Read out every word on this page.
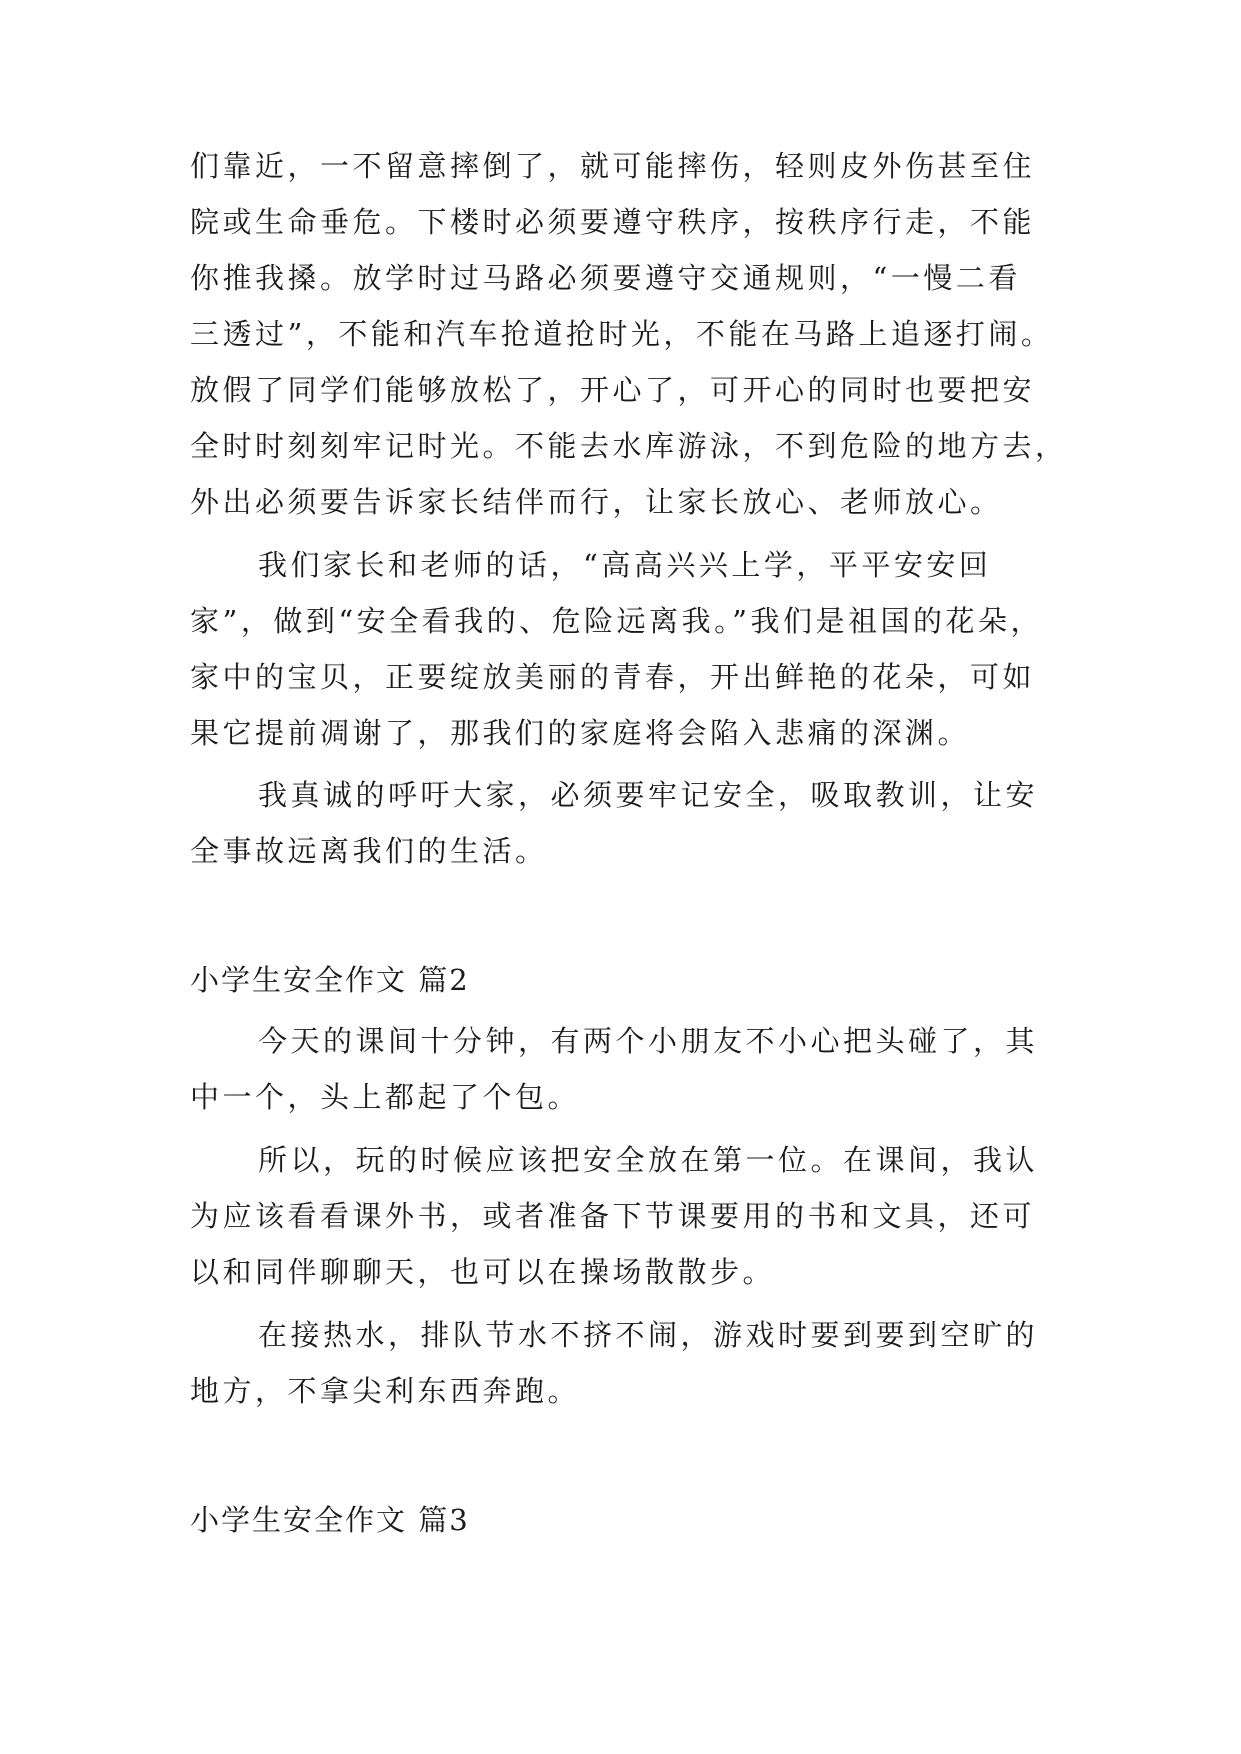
们靠近，一不留意摔倒了，就可能摔伤，轻则皮外伤甚至住
院或生命垂危。下楼时必须要遵守秩序，按秩序行走，不能
你推我搡。放学时过马路必须要遵守交通规则，“一慢二看
三透过”，不能和汽车抢道抢时光，不能在马路上追逐打闹。
放假了同学们能够放松了，开心了，可开心的同时也要把安
全时时刻刻牢记时光。不能去水库游泳，不到危险的地方去，
外出必须要告诉家长结伴而行，让家长放心、老师放心。
我们家长和老师的话，“高高兴兴上学，平平安安回
家”，做到“安全看我的、危险远离我。”我们是祖国的花朵，
家中的宝贝，正要绽放美丽的青春，开出鲜艳的花朵，可如
果它提前凋谢了，那我们的家庭将会陷入悲痛的深渊。
我真诚的呼吁大家，必须要牢记安全，吸取教训，让安
全事故远离我们的生活。
小学生安全作文 篇2
今天的课间十分钟，有两个小朋友不小心把头碰了，其
中一个，头上都起了个包。
所以，玩的时候应该把安全放在第一位。在课间，我认
为应该看看课外书，或者准备下节课要用的书和文具，还可
以和同伴聊聊天，也可以在操场散散步。
在接热水，排队节水不挤不闹，游戏时要到要到空旷的
地方，不拿尖利东西奔跑。
小学生安全作文 篇3
